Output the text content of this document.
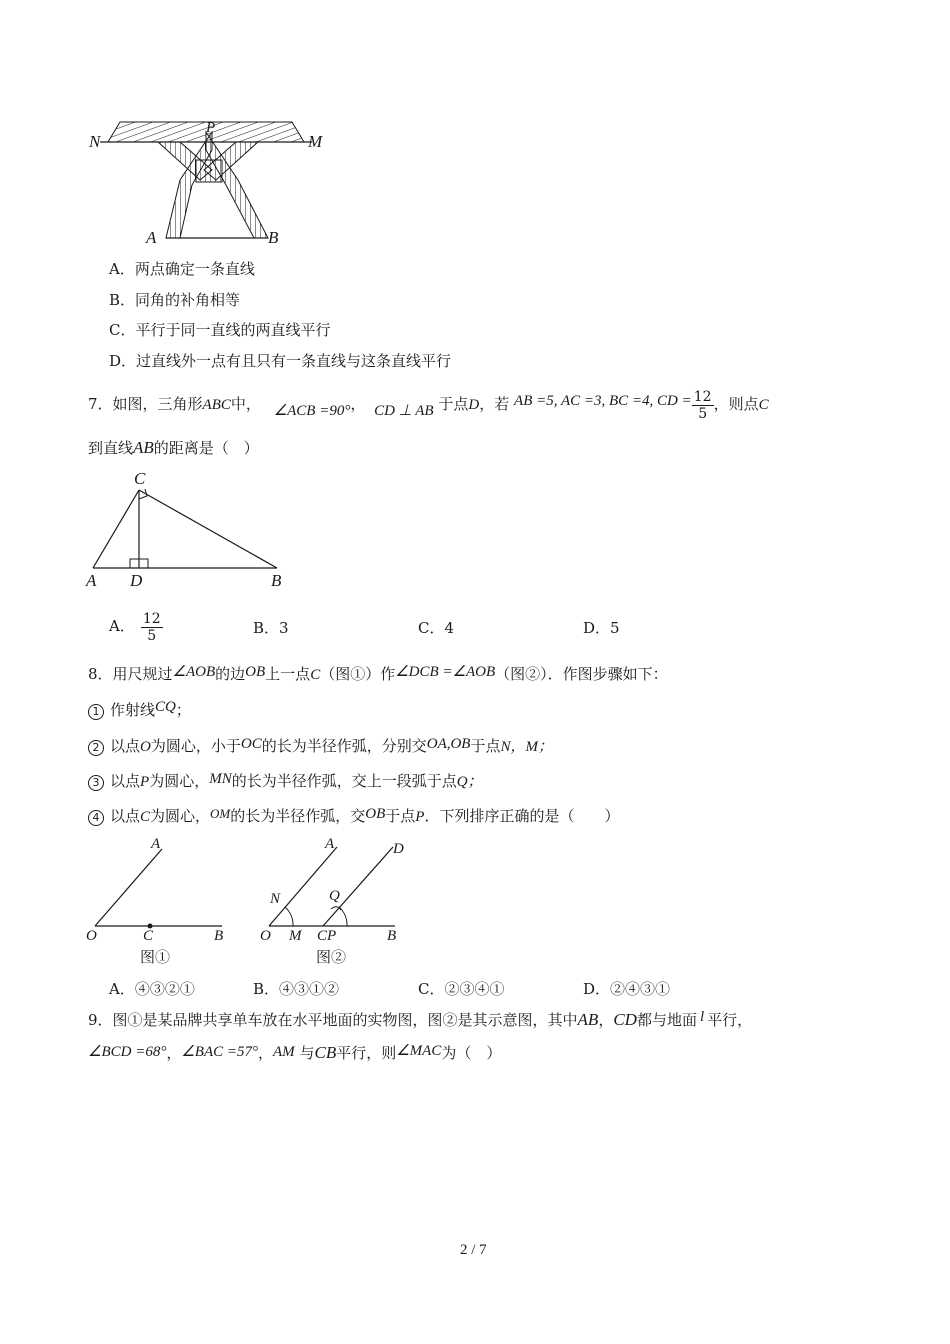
N	M
P
A	B
A．两点确定一条直线
B．同角的补角相等
C．平行于同一直线的两直线平行
D．过直线外一点有且只有一条直线与这条直线平行
7．如图，三角形ABC中， ∠ACB =90°， CD ⊥ AB 于点D，若 AB =5, AC =3, BC =4, CD = $\frac{12}{5}$ ，则点C
到直线AB的距离是（　）
C
A D	B
A． $\frac{12}{5}$	B．3	C．4	D．5
8．用尺规过∠AOB的边OB上一点C（图①）作∠DCB =∠AOB（图②）．作图步骤如下：
1 作射线CQ；
2 以点O为圆心，小于OC的长为半径作弧，分别交OA,OB于点N，M；
3 以点P为圆心，MN的长为半径作弧，交上一段弧于点Q；
4 以点C为圆心，OM的长为半径作弧，交OB于点P．下列排序正确的是（　　）
A
O	C	B
图①
A	D
N	Q
O M CP	B
图②
A．④③②①	B．④③①②	C．②③④①	D．②④③①
9．图①是某品牌共享单车放在水平地面的实物图，图②是其示意图，其中AB，CD都与地面 l 平行，
∠BCD =68°，∠BAC =57°，AM 与CB平行，则∠MAC为（　）
2 / 7
